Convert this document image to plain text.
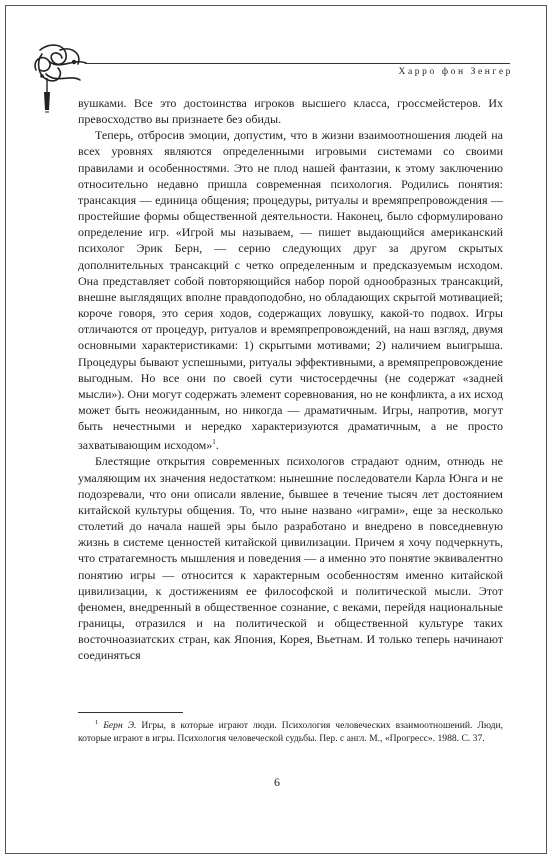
Харро фон Зенгер

вушками. Все это достоинства игроков высшего класса, гроссмейстеров. Их превосходство вы признаете без обиды.

Теперь, отбросив эмоции, допустим, что в жизни взаимоотношения людей на всех уровнях являются определенными игровыми системами со своими правилами и особенностями. Это не плод нашей фантазии, к этому заключению относительно недавно пришла современная психология. Родились понятия: трансакция — единица общения; процедуры, ритуалы и времяпрепровождения — простейшие формы общественной деятельности. Наконец, было сформулировано определение игр. «Игрой мы называем, — пишет выдающийся американский психолог Эрик Берн, — серию следующих друг за другом скрытых дополнительных трансакций с четко определенным и предсказуемым исходом. Она представляет собой повторяющийся набор порой однообразных трансакций, внешне выглядящих вполне правдоподобно, но обладающих скрытой мотивацией; короче говоря, это серия ходов, содержащих ловушку, какой-то подвох. Игры отличаются от процедур, ритуалов и времяпрепровождений, на наш взгляд, двумя основными характеристиками: 1) скрытыми мотивами; 2) наличием выигрыша. Процедуры бывают успешными, ритуалы эффективными, а времяпрепровождение выгодным. Но все они по своей сути чистосердечны (не содержат «задней мысли»). Они могут содержать элемент соревнования, но не конфликта, а их исход может быть неожиданным, но никогда — драматичным. Игры, напротив, могут быть нечестными и нередко характеризуются драматичным, а не просто захватывающим исходом»$^1$.

Блестящие открытия современных психологов страдают одним, отнюдь не умаляющим их значения недостатком: нынешние последователи Карла Юнга и не подозревали, что они описали явление, бывшее в течение тысяч лет достоянием китайской культуры общения. То, что ныне названо «играми», еще за несколько столетий до начала нашей эры было разработано и внедрено в повседневную жизнь в системе ценностей китайской цивилизации. Причем я хочу подчеркнуть, что стратагемность мышления и поведения — а именно это понятие эквивалентно понятию игры — относится к характерным особенностям именно китайской цивилизации, к достижениям ее философской и политической мысли. Этот феномен, внедренный в общественное сознание, с веками, перейдя национальные границы, отразился и на политической и общественной культуре таких восточноазиатских стран, как Япония, Корея, Вьетнам. И только теперь начинают соединяться

$^1$ Берн Э. Игры, в которые играют люди. Психология человеческих взаимоотношений. Люди, которые играют в игры. Психология человеческой судьбы. Пер. с англ. М., «Прогресс». 1988. С. 37.
6
